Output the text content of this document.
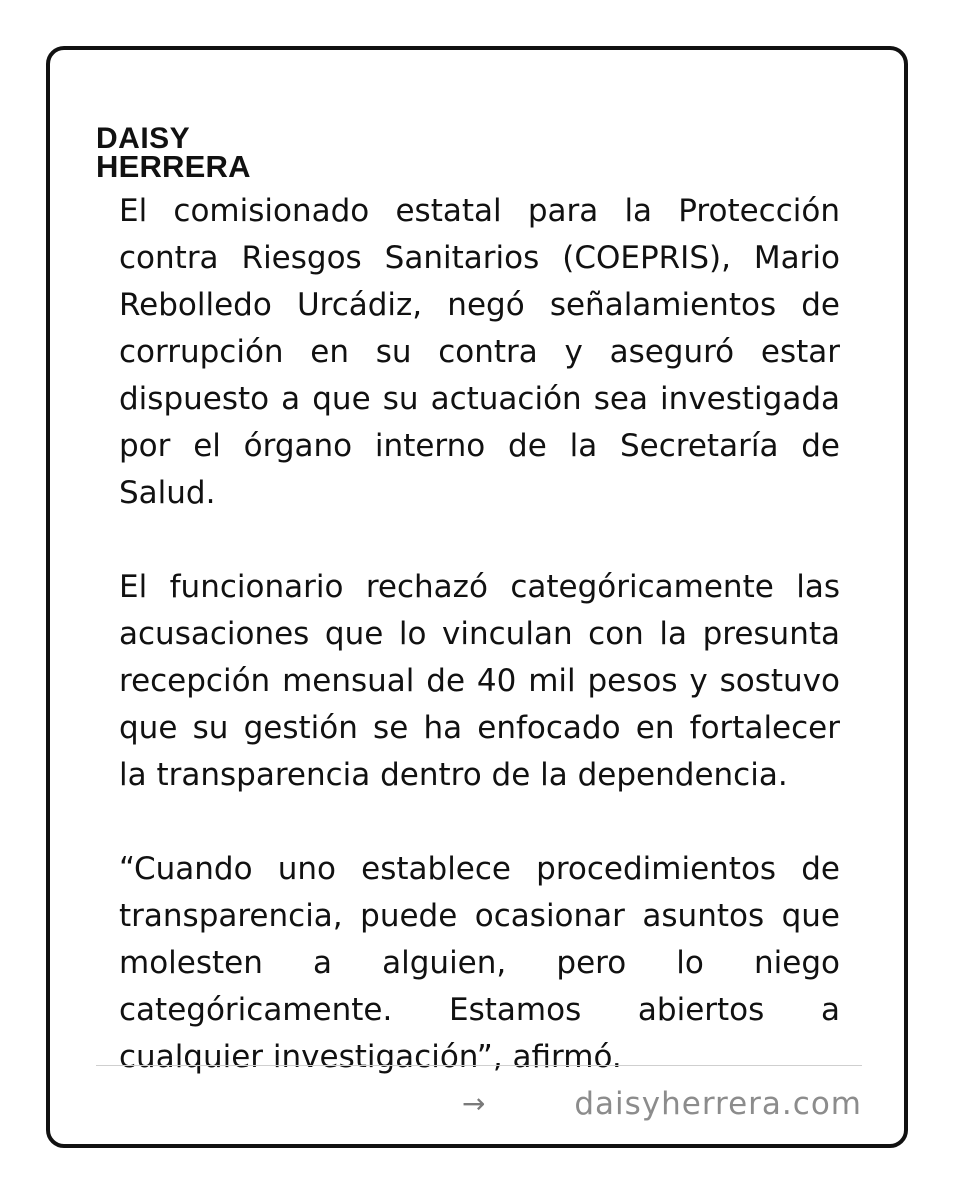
DAISY
HERRERA

El comisionado estatal para la Protección contra Riesgos Sanitarios (COEPRIS), Mario Rebolledo Urcádiz, negó señalamientos de corrupción en su contra y aseguró estar dispuesto a que su actuación sea investigada por el órgano interno de la Secretaría de Salud.

El funcionario rechazó categóricamente las acusaciones que lo vinculan con la presunta recepción mensual de 40 mil pesos y sostuvo que su gestión se ha enfocado en fortalecer la transparencia dentro de la dependencia.

“Cuando uno establece procedimientos de transparencia, puede ocasionar asuntos que molesten a alguien, pero lo niego categóricamente. Estamos abiertos a cualquier investigación”, afirmó.

→	daisyherrera.com
